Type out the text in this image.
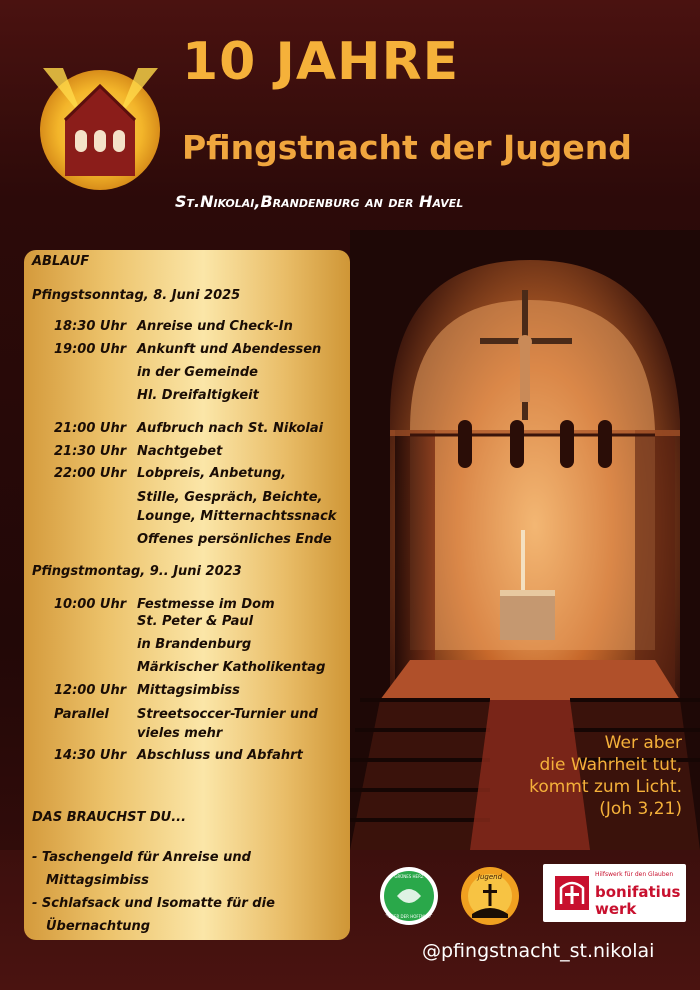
10 JAHRE
Pfingstnacht der Jugend

St.Nikolai,Brandenburg an der Havel

ABLAUF
Pfingstsonntag, 8. Juni 2025
18:30 Uhr Anreise und Check-In
19:00 Uhr Ankunft und Abendessen
in der Gemeinde
Hl. Dreifaltigkeit
21:00 Uhr Aufbruch nach St. Nikolai
21:30 Uhr Nachtgebet
22:00 Uhr Lobpreis, Anbetung,
Stille, Gespräch, Beichte,
Lounge, Mitternachtssnack
Offenes persönliches Ende
Pfingstmontag, 9.. Juni 2023
10:00 Uhr Festmesse im Dom
St. Peter & Paul
in Brandenburg
Märkischer Katholikentag
12:00 Uhr Mittagsimbiss
Parallel	Streetsoccer-Turnier und
vieles mehr
14:30 Uhr Abschluss und Abfahrt
DAS BRAUCHST DU...
- Taschengeld für Anreise und
Mittagsimbiss
- Schlafsack und Isomatte für die
Übernachtung
Wer aber
die Wahrheit tut,
kommt zum Licht.
(Joh 3,21)
GRÜNES HERZ
PILGER DER HOFFNUNG
Jugend	Hilfswerk für den Glauben
bonifatius
werk
@pfingstnacht_st.nikolai
